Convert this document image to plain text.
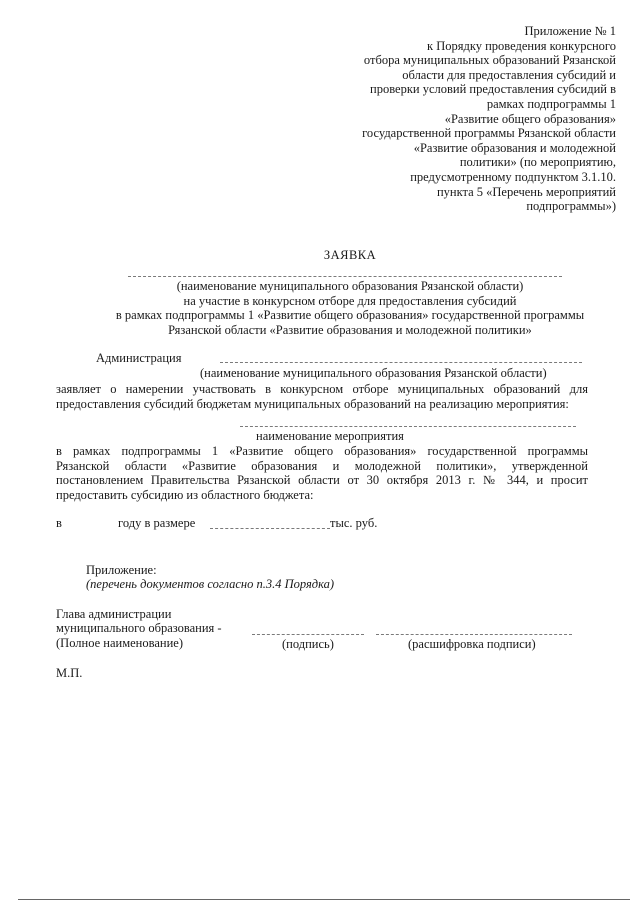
Приложение № 1
к Порядку проведения конкурсного
отбора муниципальных образований Рязанской
области для предоставления субсидий и
проверки условий предоставления субсидий в
рамках подпрограммы 1
«Развитие общего образования»
государственной программы Рязанской области
«Развитие образования и молодежной
политики» (по мероприятию,
предусмотренному подпунктом 3.1.10.
пункта 5 «Перечень мероприятий
подпрограммы»)
ЗАЯВКА
(наименование муниципального образования Рязанской области)
на участие в конкурсном отборе для предоставления субсидий
в рамках подпрограммы 1 «Развитие общего образования» государственной программы
Рязанской области «Развитие образования и молодежной политики»
Администрация
(наименование муниципального образования Рязанской области)
заявляет о намерении участвовать в конкурсном отборе муниципальных образований для
предоставления субсидий бюджетам муниципальных образований на реализацию мероприятия:
наименование мероприятия
в рамках подпрограммы 1 «Развитие общего образования» государственной программы
Рязанской области «Развитие образования и молодежной политики», утвержденной
постановлением Правительства Рязанской области от 30 октября 2013 г. № 344, и просит
предоставить субсидию из областного бюджета:
в	году в размере	тыс. руб.
Приложение:
(перечень документов согласно п.3.4 Порядка)
Глава администрации
муниципального образования -
(Полное наименование)	(подпись)	(расшифровка подписи)
М.П.
